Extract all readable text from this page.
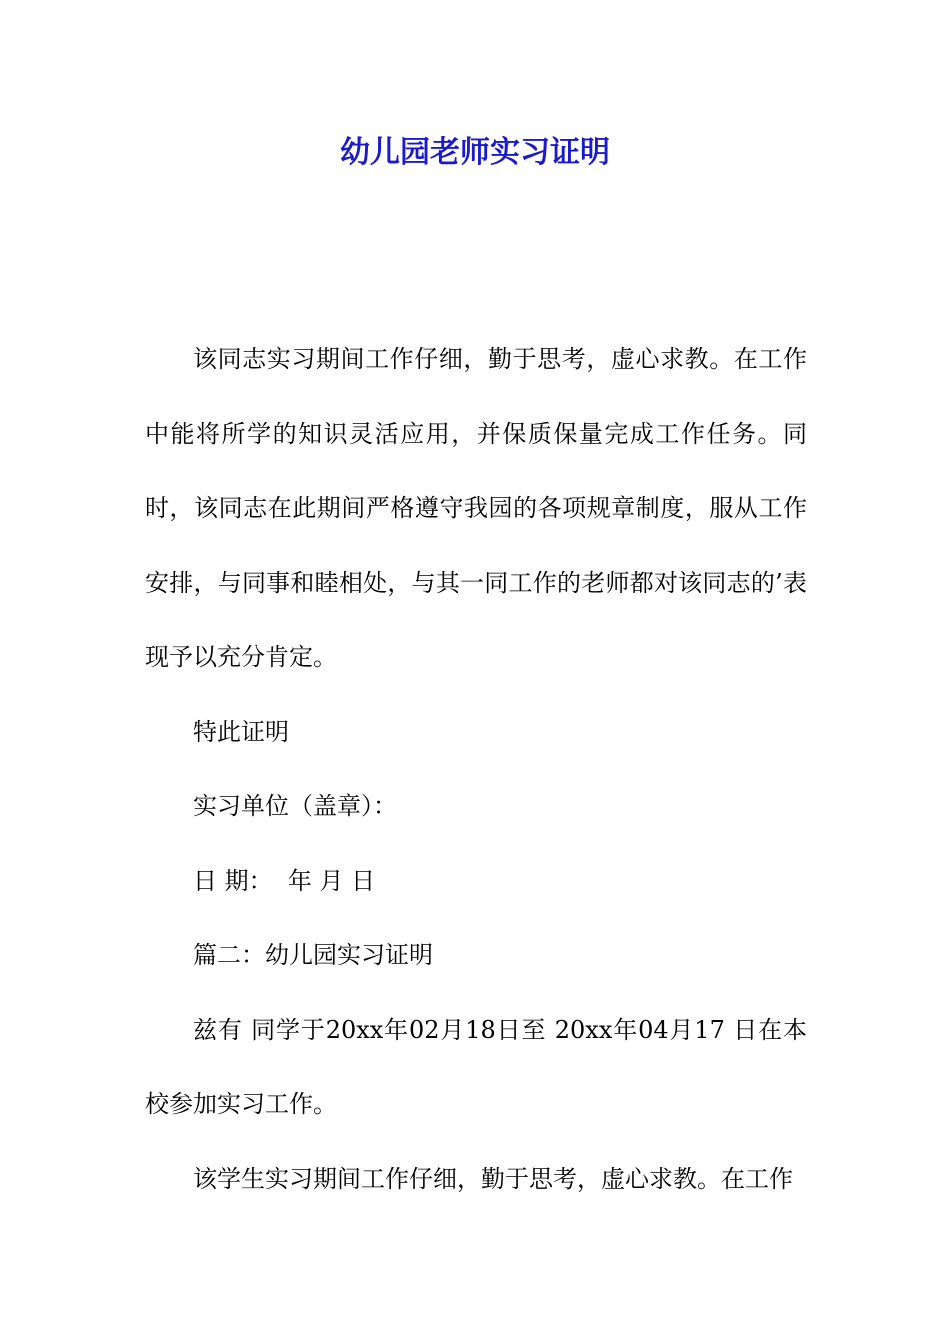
幼儿园老师实习证明

该同志实习期间工作仔细，勤于思考，虚心求教。在工作中能将所学的知识灵活应用，并保质保量完成工作任务。同时，该同志在此期间严格遵守我园的各项规章制度，服从工作安排，与同事和睦相处，与其一同工作的老师都对该同志的’表现予以充分肯定。

特此证明

实习单位（盖章）：

日 期：  年 月 日

篇二：幼儿园实习证明

兹有 同学于20xx年02月18日至 20xx年04月17 日在本校参加实习工作。

该学生实习期间工作仔细，勤于思考，虚心求教。在工作
